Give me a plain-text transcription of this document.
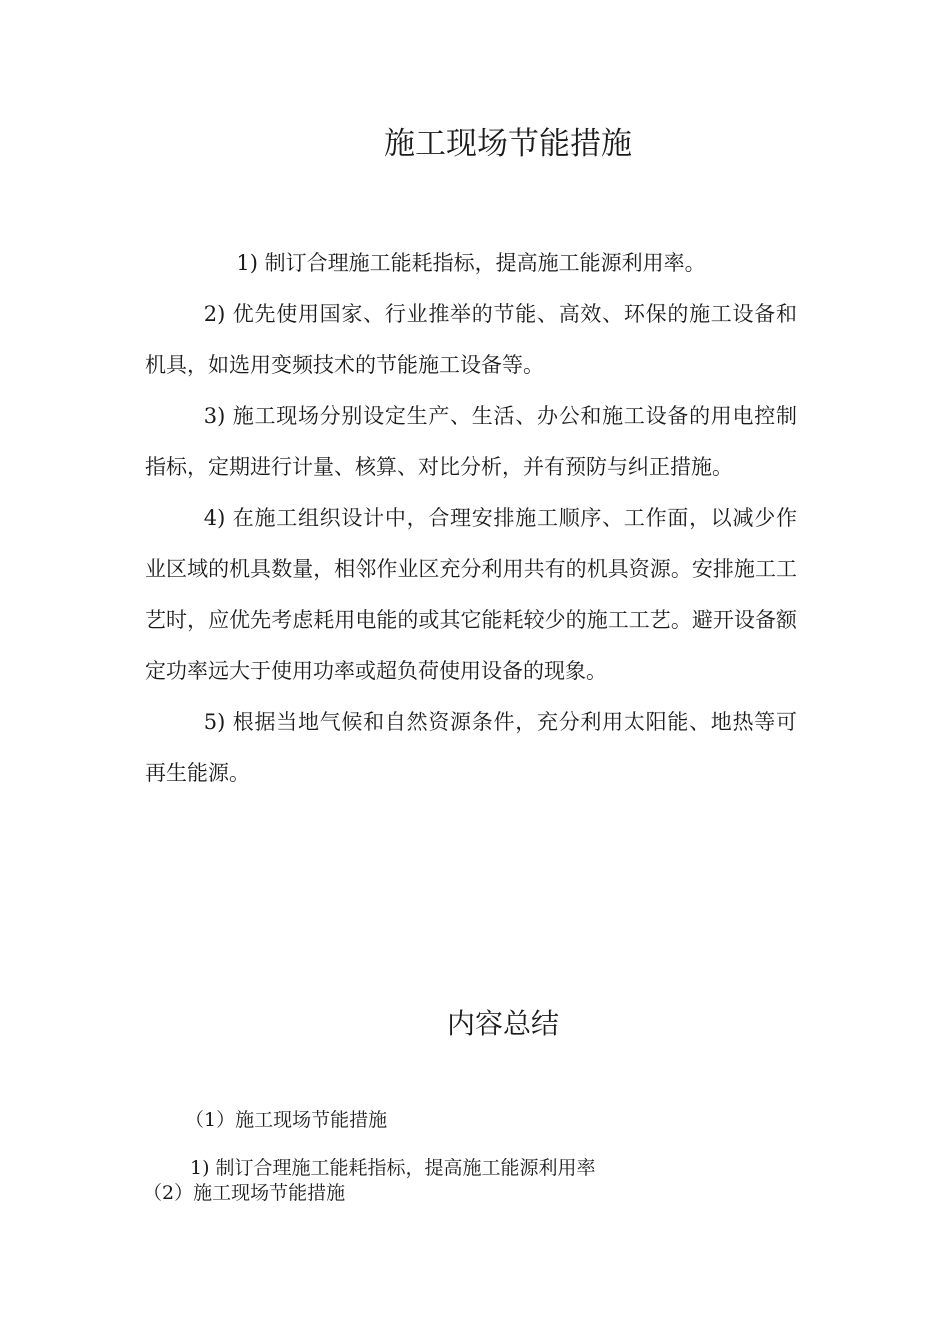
施工现场节能措施

1) 制订合理施工能耗指标，提高施工能源利用率。

2) 优先使用国家、行业推举的节能、高效、环保的施工设备和机具，如选用变频技术的节能施工设备等。

3) 施工现场分别设定生产、生活、办公和施工设备的用电控制指标，定期进行计量、核算、对比分析，并有预防与纠正措施。

4) 在施工组织设计中，合理安排施工顺序、工作面，以减少作业区域的机具数量，相邻作业区充分利用共有的机具资源。安排施工工艺时，应优先考虑耗用电能的或其它能耗较少的施工工艺。避开设备额定功率远大于使用功率或超负荷使用设备的现象。

5) 根据当地气候和自然资源条件，充分利用太阳能、地热等可再生能源。

内容总结
（1）施工现场节能措施
1) 制订合理施工能耗指标，提高施工能源利用率
（2）施工现场节能措施
